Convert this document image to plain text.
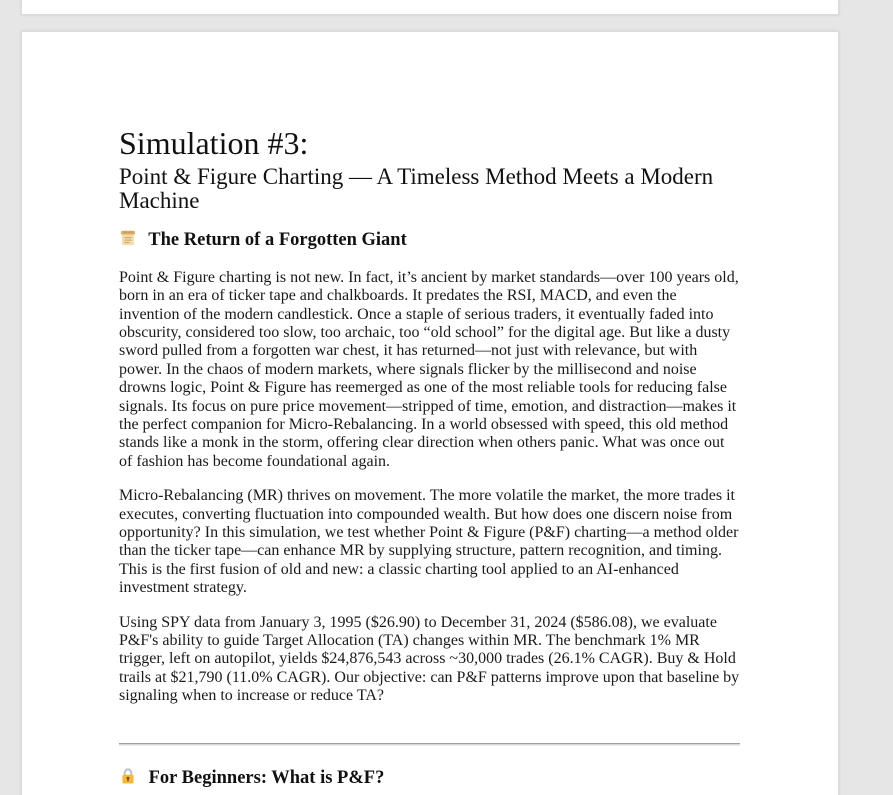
Simulation #3:
Point & Figure Charting — A Timeless Method Meets a Modern Machine
The Return of a Forgotten Giant

Point & Figure charting is not new. In fact, it’s ancient by market standards—over 100 years old, born in an era of ticker tape and chalkboards. It predates the RSI, MACD, and even the invention of the modern candlestick. Once a staple of serious traders, it eventually faded into obscurity, considered too slow, too archaic, too “old school” for the digital age. But like a dusty sword pulled from a forgotten war chest, it has returned—not just with relevance, but with power. In the chaos of modern markets, where signals flicker by the millisecond and noise drowns logic, Point & Figure has reemerged as one of the most reliable tools for reducing false signals. Its focus on pure price movement—stripped of time, emotion, and distraction—makes it the perfect companion for Micro-Rebalancing. In a world obsessed with speed, this old method stands like a monk in the storm, offering clear direction when others panic. What was once out of fashion has become foundational again.

Micro-Rebalancing (MR) thrives on movement. The more volatile the market, the more trades it executes, converting fluctuation into compounded wealth. But how does one discern noise from opportunity? In this simulation, we test whether Point & Figure (P&F) charting—a method older than the ticker tape—can enhance MR by supplying structure, pattern recognition, and timing. This is the first fusion of old and new: a classic charting tool applied to an AI-enhanced investment strategy.

Using SPY data from January 3, 1995 ($26.90) to December 31, 2024 ($586.08), we evaluate P&F's ability to guide Target Allocation (TA) changes within MR. The benchmark 1% MR trigger, left on autopilot, yields $24,876,543 across ~30,000 trades (26.1% CAGR). Buy & Hold trails at $21,790 (11.0% CAGR). Our objective: can P&F patterns improve upon that baseline by signaling when to increase or reduce TA?

For Beginners: What is P&F?
